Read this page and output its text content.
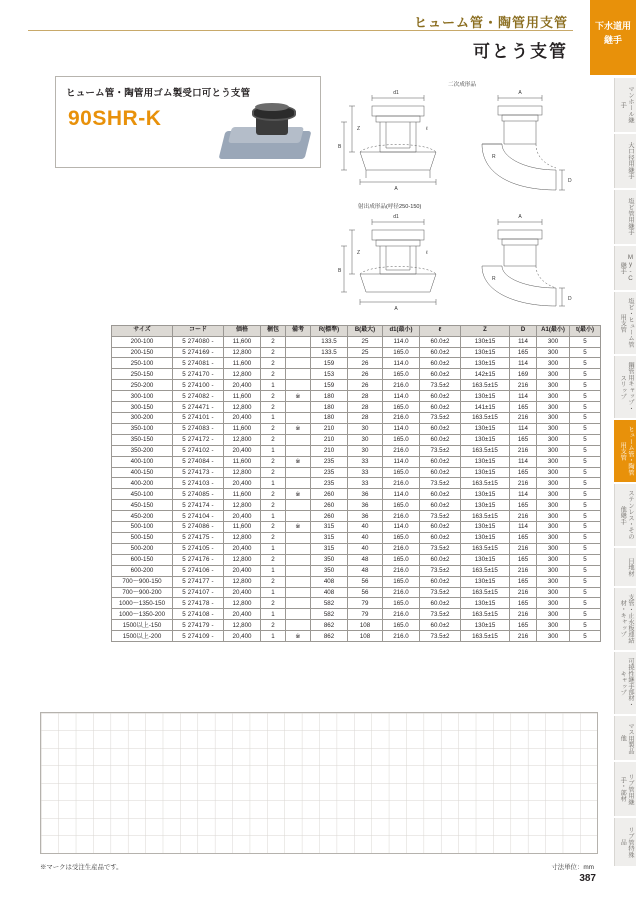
ヒューム管・陶管用支管
可とう支管
下水道用
継手
マンホール継手
大口径用継手
塩ビ管用継手
My-C継手
塩ビ・ヒューム管用支管
鋼管用キャップ・スリップ
ヒューム管・陶管用支管
ステンレス・その他継手
目地材
支管・止水板連結材・キャップ
可撓性継手部材・キャップ
マス用製品他
リブ管用継手・部材
リブ管特殊品
ヒューム管・陶管用ゴム製受口可とう支管
90SHR-K
二次成形品
射出成形品(呼径250-150)
d1
Z
B
A
ℓ
A
D
R
d1
Z
B
A
ℓ
A
D
R
サイズ	コード	価格	梱包	備考	R(標準)	B(最大)	d1(最小)	ℓ	Z	D	A1(最小)	t(最小)
200-100	5 274080 -	11,600	2		133.5	25	114.0	60.0±2	130±15	114	300	5
200-150	5 274169 -	12,800	2		133.5	25	165.0	60.0±2	130±15	165	300	5
250-100	5 274081 -	11,600	2		159	26	114.0	60.0±2	130±15	114	300	5
250-150	5 274170 -	12,800	2		153	26	165.0	60.0±2	142±15	169	300	5
250-200	5 274100 -	20,400	1		159	26	216.0	73.5±2	163.5±15	216	300	5
300-100	5 274082 -	11,600	2	※	180	28	114.0	60.0±2	130±15	114	300	5
300-150	5 274471 -	12,800	2		180	28	165.0	60.0±2	141±15	165	300	5
300-200	5 274101 -	20,400	1		180	28	216.0	73.5±2	163.5±15	216	300	5
350-100	5 274083 -	11,600	2	※	210	30	114.0	60.0±2	130±15	114	300	5
350-150	5 274172 -	12,800	2		210	30	165.0	60.0±2	130±15	165	300	5
350-200	5 274102 -	20,400	1		210	30	216.0	73.5±2	163.5±15	216	300	5
400-100	5 274084 -	11,600	2	※	235	33	114.0	60.0±2	130±15	114	300	5
400-150	5 274173 -	12,800	2		235	33	165.0	60.0±2	130±15	165	300	5
400-200	5 274103 -	20,400	1		235	33	216.0	73.5±2	163.5±15	216	300	5
450-100	5 274085 -	11,600	2	※	260	36	114.0	60.0±2	130±15	114	300	5
450-150	5 274174 -	12,800	2		260	36	165.0	60.0±2	130±15	165	300	5
450-200	5 274104 -	20,400	1		260	36	216.0	73.5±2	163.5±15	216	300	5
500-100	5 274086 -	11,600	2	※	315	40	114.0	60.0±2	130±15	114	300	5
500-150	5 274175 -	12,800	2		315	40	165.0	60.0±2	130±15	165	300	5
500-200	5 274105 -	20,400	1		315	40	216.0	73.5±2	163.5±15	216	300	5
600-150	5 274176 -	12,800	2		350	48	165.0	60.0±2	130±15	165	300	5
600-200	5 274106 -	20,400	1		350	48	216.0	73.5±2	163.5±15	216	300	5
700〜900-150	5 274177 -	12,800	2		408	56	165.0	60.0±2	130±15	165	300	5
700〜900-200	5 274107 -	20,400	1		408	56	216.0	73.5±2	163.5±15	216	300	5
1000〜1350-150	5 274178 -	12,800	2		582	79	165.0	60.0±2	130±15	165	300	5
1000〜1350-200	5 274108 -	20,400	1		582	79	216.0	73.5±2	163.5±15	216	300	5
1500以上-150	5 274179 -	12,800	2		862	108	165.0	60.0±2	130±15	165	300	5
1500以上-200	5 274109 -	20,400	1	※	862	108	216.0	73.5±2	163.5±15	216	300	5
※マークは受注生産品です。	寸法単位：mm
387
